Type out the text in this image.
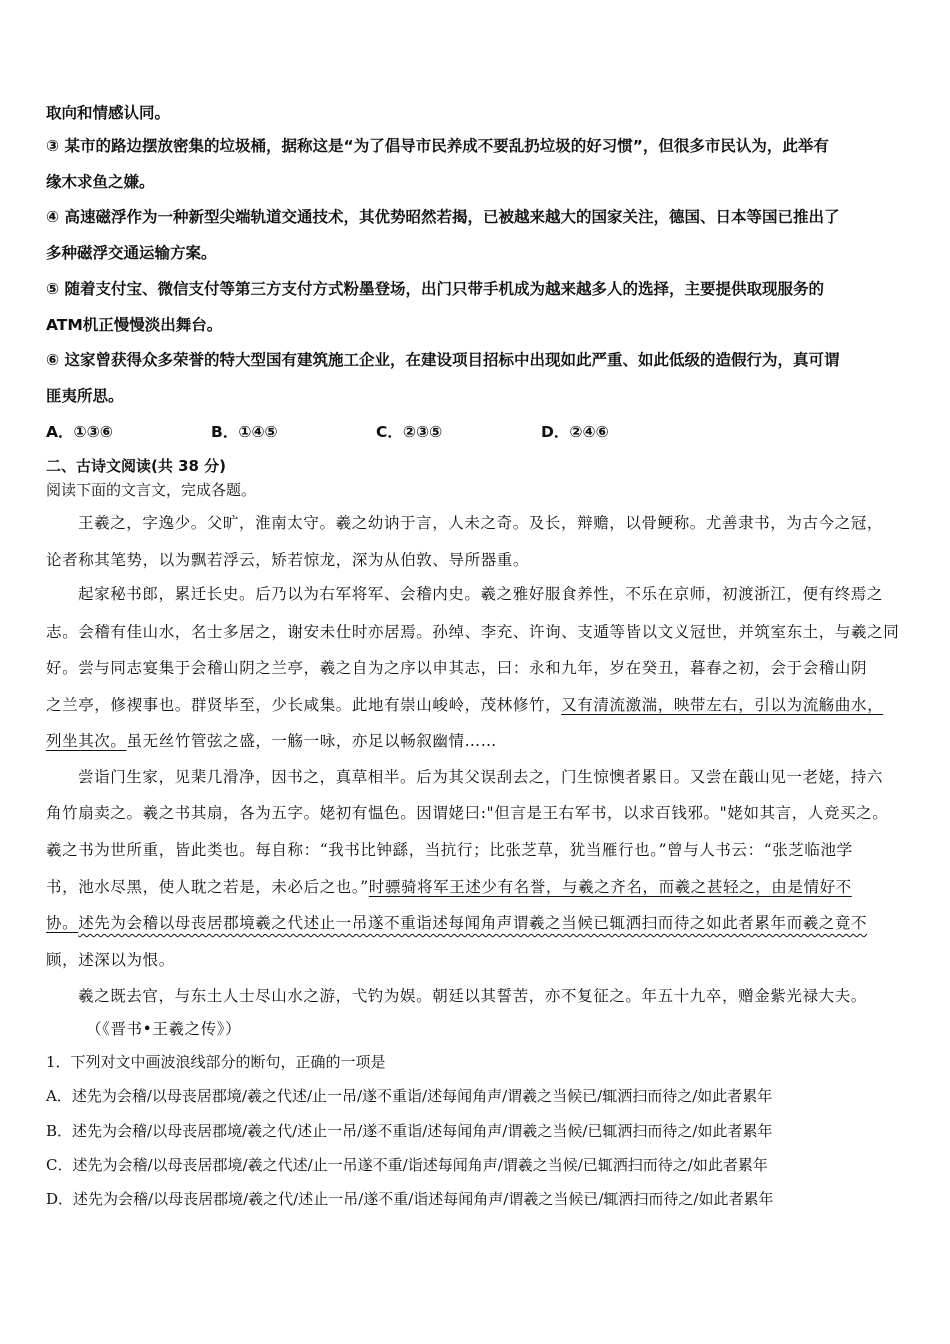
取向和情感认同。
③ 某市的路边摆放密集的垃圾桶，据称这是“为了倡导市民养成不要乱扔垃圾的好习惯”，但很多市民认为，此举有
缘木求鱼之嫌。
④ 高速磁浮作为一种新型尖端轨道交通技术，其优势昭然若揭，已被越来越大的国家关注，德国、日本等国已推出了
多种磁浮交通运输方案。
⑤ 随着支付宝、微信支付等第三方支付方式粉墨登场，出门只带手机成为越来越多人的选择，主要提供取现服务的
ATM机正慢慢淡出舞台。
⑥ 这家曾获得众多荣誉的特大型国有建筑施工企业，在建设项目招标中出现如此严重、如此低级的造假行为，真可谓
匪夷所思。
A．①③⑥	B．①④⑤	C．②③⑤	D．②④⑥
二、古诗文阅读(共 38 分)
阅读下面的文言文，完成各题。
王羲之，字逸少。父旷，淮南太守。羲之幼讷于言，人未之奇。及长，辩赡，以骨鲠称。尤善隶书，为古今之冠，
论者称其笔势，以为飘若浮云，矫若惊龙，深为从伯敦、导所器重。
起家秘书郎，累迁长史。后乃以为右军将军、会稽内史。羲之雅好服食养性，不乐在京师，初渡浙江，便有终焉之
志。会稽有佳山水，名士多居之，谢安未仕时亦居焉。孙绰、李充、许询、支遁等皆以文义冠世，并筑室东土，与羲之同
好。尝与同志宴集于会稽山阴之兰亭，羲之自为之序以申其志，曰：永和九年，岁在癸丑，暮春之初，会于会稽山阴
之兰亭，修禊事也。群贤毕至，少长咸集。此地有崇山峻岭，茂林修竹，又有清流激湍，映带左右，引以为流觞曲水，
列坐其次。虽无丝竹管弦之盛，一觞一咏，亦足以畅叙幽情……
尝诣门生家，见棐几滑净，因书之，真草相半。后为其父误刮去之，门生惊懊者累日。又尝在蕺山见一老姥，持六
角竹扇卖之。羲之书其扇，各为五字。姥初有愠色。因谓姥曰:"但言是王右军书，以求百钱邪。"姥如其言，人竞买之。
羲之书为世所重，皆此类也。每自称：“我书比钟繇，当抗行；比张芝草，犹当雁行也。”曾与人书云：“张芝临池学
书，池水尽黑，使人耽之若是，未必后之也。”时骠骑将军王述少有名誉，与羲之齐名，而羲之甚轻之，由是情好不
协。述先为会稽以母丧居郡境羲之代述止一吊遂不重诣述每闻角声谓羲之当候已辄洒扫而待之如此者累年而羲之竟不
顾，述深以为恨。
羲之既去官，与东土人士尽山水之游，弋钓为娱。朝廷以其誓苦，亦不复征之。年五十九卒，赠金紫光禄大夫。
（《晋书•王羲之传》）
1．下列对文中画波浪线部分的断句，正确的一项是
A．述先为会稽/以母丧居郡境/羲之代述/止一吊/遂不重诣/述每闻角声/谓羲之当候已/辄洒扫而待之/如此者累年
B．述先为会稽/以母丧居郡境/羲之代/述止一吊/遂不重诣/述每闻角声/谓羲之当候/已辄洒扫而待之/如此者累年
C．述先为会稽/以母丧居郡境/羲之代述/止一吊遂不重/诣述每闻角声/谓羲之当候/已辄洒扫而待之/如此者累年
D．述先为会稽/以母丧居郡境/羲之代/述止一吊/遂不重/诣述每闻角声/谓羲之当候已/辄洒扫而待之/如此者累年
